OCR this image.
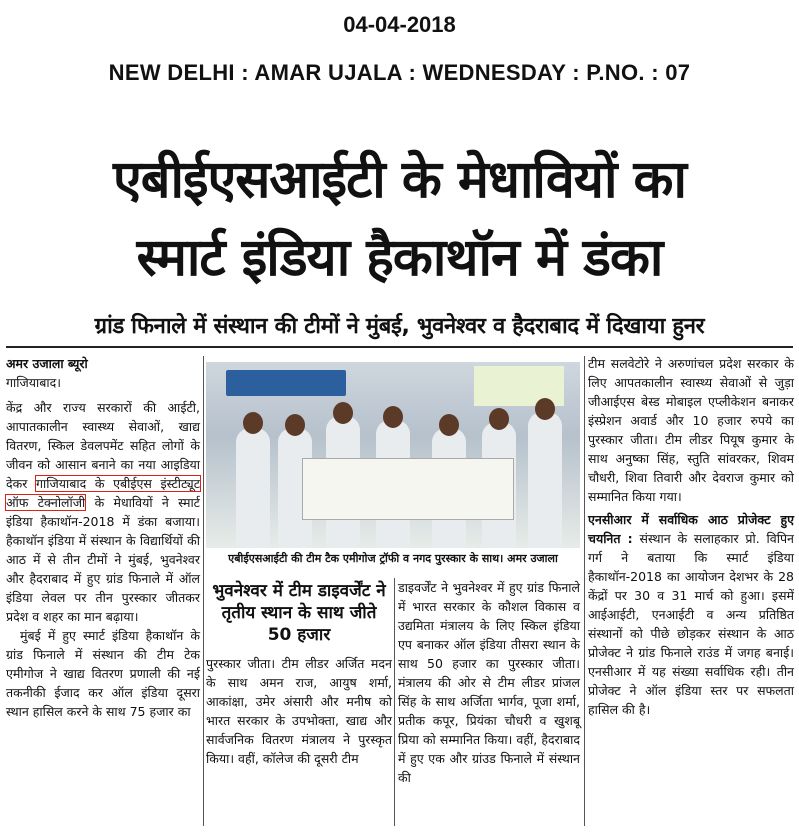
04-04-2018
NEW DELHI : AMAR UJALA : WEDNESDAY : P.NO. : 07
एबीईएसआईटी के मेधावियों का
स्मार्ट इंडिया हैकाथॉन में डंका
ग्रांड फिनाले में संस्थान की टीमों ने मुंबई, भुवनेश्वर व हैदराबाद में दिखाया हुनर
अमर उजाला ब्यूरो
गाजियाबाद।
केंद्र और राज्य सरकारों की आईटी, आपातकालीन स्वास्थ्य सेवाओं, खाद्य वितरण, स्किल डेवलपमेंट सहित लोगों के जीवन को आसान बनाने का नया आइडिया देकर गाजियाबाद के एबीईएस इंस्टीट्यूट ऑफ टेक्नोलॉजी के मेधावियों ने स्मार्ट इंडिया हैकाथॉन-2018 में डंका बजाया। हैकाथॉन इंडिया में संस्थान के विद्यार्थियों की आठ में से तीन टीमों ने मुंबई, भुवनेश्वर और हैदराबाद में हुए ग्रांड फिनाले में ऑल इंडिया लेवल पर तीन पुरस्कार जीतकर प्रदेश व शहर का मान बढ़ाया।
मुंबई में हुए स्मार्ट इंडिया हैकाथॉन के ग्रांड फिनाले में संस्थान की टीम टेक एमीगोज ने खाद्य वितरण प्रणाली की नई तकनीकी ईजाद कर ऑल इंडिया दूसरा स्थान हासिल करने के साथ 75 हजार का
एबीईएसआईटी की टीम टैक एमीगोज ट्रॉफी व नगद पुरस्कार के साथ। अमर उजाला
भुवनेश्वर में टीम डाइवर्जेंट ने तृतीय स्थान के साथ जीते 50 हजार
पुरस्कार जीता। टीम लीडर अर्जित मदन के साथ अमन राज, आयुष शर्मा, आकांक्षा, उमेर अंसारी और मनीष को भारत सरकार के उपभोक्ता, खाद्य और सार्वजनिक वितरण मंत्रालय ने पुरस्कृत किया। वहीं, कॉलेज की दूसरी टीम
डाइवर्जेंट ने भुवनेश्वर में हुए ग्रांड फिनाले में भारत सरकार के कौशल विकास व उद्यमिता मंत्रालय के लिए स्किल इंडिया एप बनाकर ऑल इंडिया तीसरा स्थान के साथ 50 हजार का पुरस्कार जीता। मंत्रालय की ओर से टीम लीडर प्रांजल सिंह के साथ अर्जिता भार्गव, पूजा शर्मा, प्रतीक कपूर, प्रियंका चौधरी व खुशबू प्रिया को सम्मानित किया। वहीं, हैदराबाद में हुए एक और ग्रांउड फिनाले में संस्थान की
टीम सलवेटोरे ने अरुणांचल प्रदेश सरकार के लिए आपतकालीन स्वास्थ्य सेवाओं से जुड़ा जीआईएस बेस्ड मोबाइल एप्लीकेशन बनाकर इंस्प्रेशन अवार्ड और 10 हजार रुपये का पुरस्कार जीता। टीम लीडर पियूष कुमार के साथ अनुष्का सिंह, स्तुति सांवरकर, शिवम चौधरी, शिवा तिवारी और देवराज कुमार को सम्मानित किया गया।
एनसीआर में सर्वाधिक आठ प्रोजेक्ट हुए चयनित : संस्थान के सलाहकार प्रो. विपिन गर्ग ने बताया कि स्मार्ट इंडिया हैकाथॉन-2018 का आयोजन देशभर के 28 केंद्रों पर 30 व 31 मार्च को हुआ। इसमें आईआईटी, एनआईटी व अन्य प्रतिष्ठित संस्थानों को पीछे छोड़कर संस्थान के आठ प्रोजेक्ट ने ग्रांड फिनाले राउंड में जगह बनाई। एनसीआर में यह संख्या सर्वाधिक रही। तीन प्रोजेक्ट ने ऑल इंडिया स्तर पर सफलता हासिल की है।
